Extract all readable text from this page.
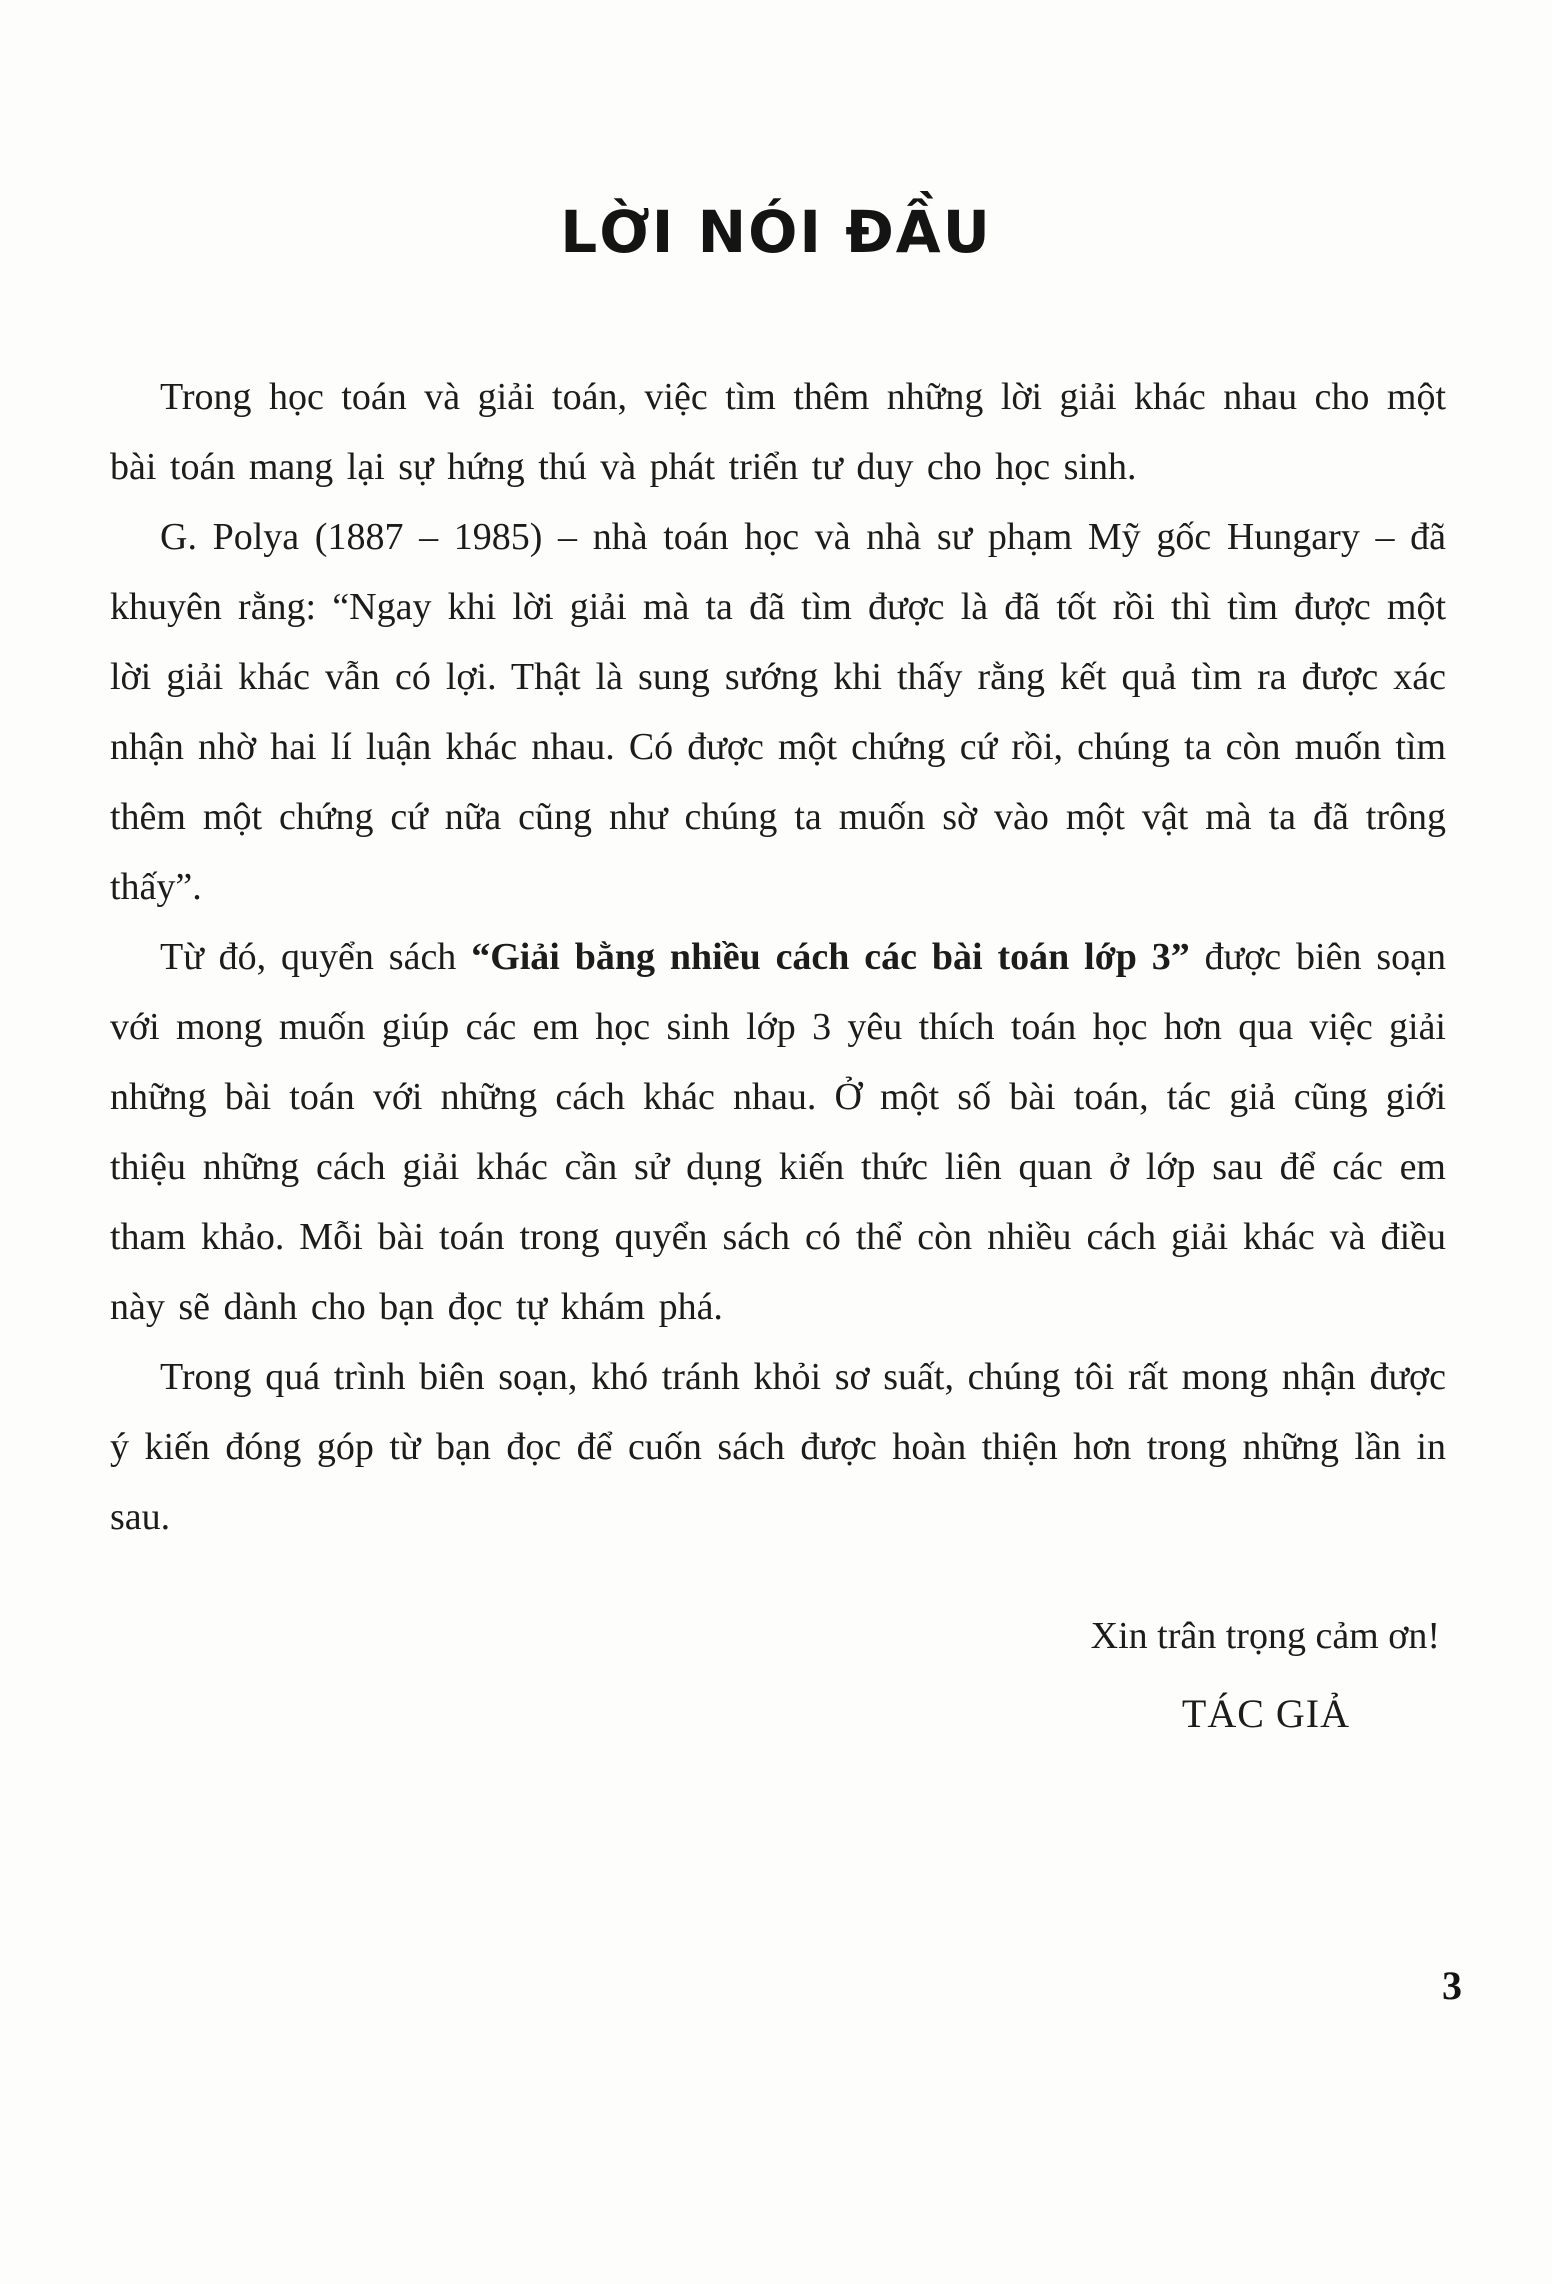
LỜI NÓI ĐẦU

Trong học toán và giải toán, việc tìm thêm những lời giải khác nhau cho một bài toán mang lại sự hứng thú và phát triển tư duy cho học sinh.

G. Polya (1887 – 1985) – nhà toán học và nhà sư phạm Mỹ gốc Hungary – đã khuyên rằng: “Ngay khi lời giải mà ta đã tìm được là đã tốt rồi thì tìm được một lời giải khác vẫn có lợi. Thật là sung sướng khi thấy rằng kết quả tìm ra được xác nhận nhờ hai lí luận khác nhau. Có được một chứng cứ rồi, chúng ta còn muốn tìm thêm một chứng cứ nữa cũng như chúng ta muốn sờ vào một vật mà ta đã trông thấy”.

Từ đó, quyển sách “Giải bằng nhiều cách các bài toán lớp 3” được biên soạn với mong muốn giúp các em học sinh lớp 3 yêu thích toán học hơn qua việc giải những bài toán với những cách khác nhau. Ở một số bài toán, tác giả cũng giới thiệu những cách giải khác cần sử dụng kiến thức liên quan ở lớp sau để các em tham khảo. Mỗi bài toán trong quyển sách có thể còn nhiều cách giải khác và điều này sẽ dành cho bạn đọc tự khám phá.

Trong quá trình biên soạn, khó tránh khỏi sơ suất, chúng tôi rất mong nhận được ý kiến đóng góp từ bạn đọc để cuốn sách được hoàn thiện hơn trong những lần in sau.

Xin trân trọng cảm ơn!
TÁC GIẢ
3
